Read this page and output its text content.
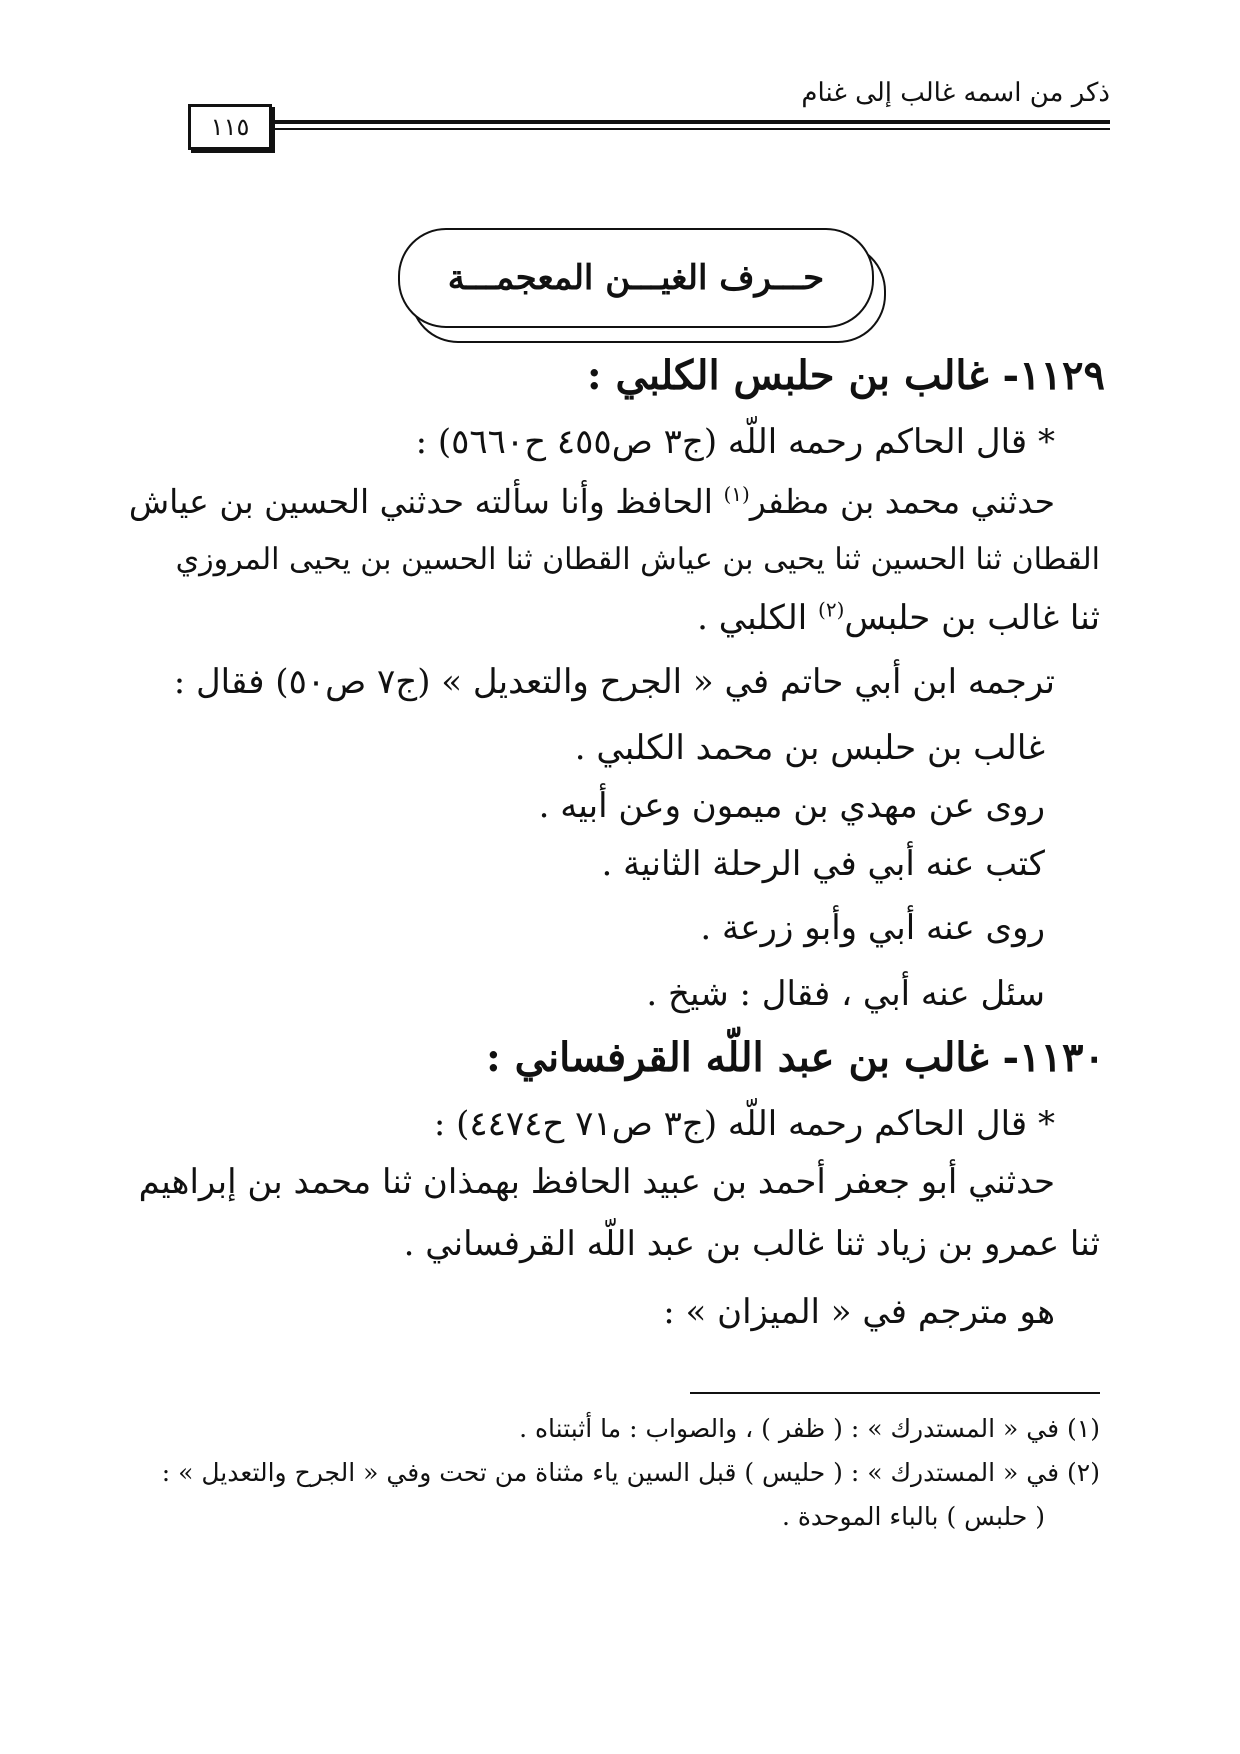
ذكر من اسمه غالب إلى غنام
١١٥
حـــرف الغيـــن المعجمـــة
١١٢٩- غالب بن حلبس الكلبي :
* قال الحاكم رحمه اللّه (ج٣ ص٤٥٥ ح٥٦٦٠) :
حدثني محمد بن مظفر$^{(١)}$ الحافظ وأنا سألته حدثني الحسين بن عياش
القطان ثنا الحسين ثنا يحيى بن عياش القطان ثنا الحسين بن يحيى المروزي
ثنا غالب بن حلبس$^{(٢)}$ الكلبي .
ترجمه ابن أبي حاتم في « الجرح والتعديل » (ج٧ ص٥٠) فقال :
غالب بن حلبس بن محمد الكلبي .
روى عن مهدي بن ميمون وعن أبيه .
كتب عنه أبي في الرحلة الثانية .
روى عنه أبي وأبو زرعة .
سئل عنه أبي ، فقال : شيخ .
١١٣٠- غالب بن عبد اللّه القرفساني :
* قال الحاكم رحمه اللّه (ج٣ ص٧١ ح٤٤٧٤) :
حدثني أبو جعفر أحمد بن عبيد الحافظ بهمذان ثنا محمد بن إبراهيم
ثنا عمرو بن زياد ثنا غالب بن عبد اللّه القرفساني .
هو مترجم في « الميزان » :
(١) في « المستدرك » : ( ظفر ) ، والصواب : ما أثبتناه .
(٢) في « المستدرك » : ( حليس ) قبل السين ياء مثناة من تحت وفي « الجرح والتعديل » :
( حلبس ) بالباء الموحدة .
